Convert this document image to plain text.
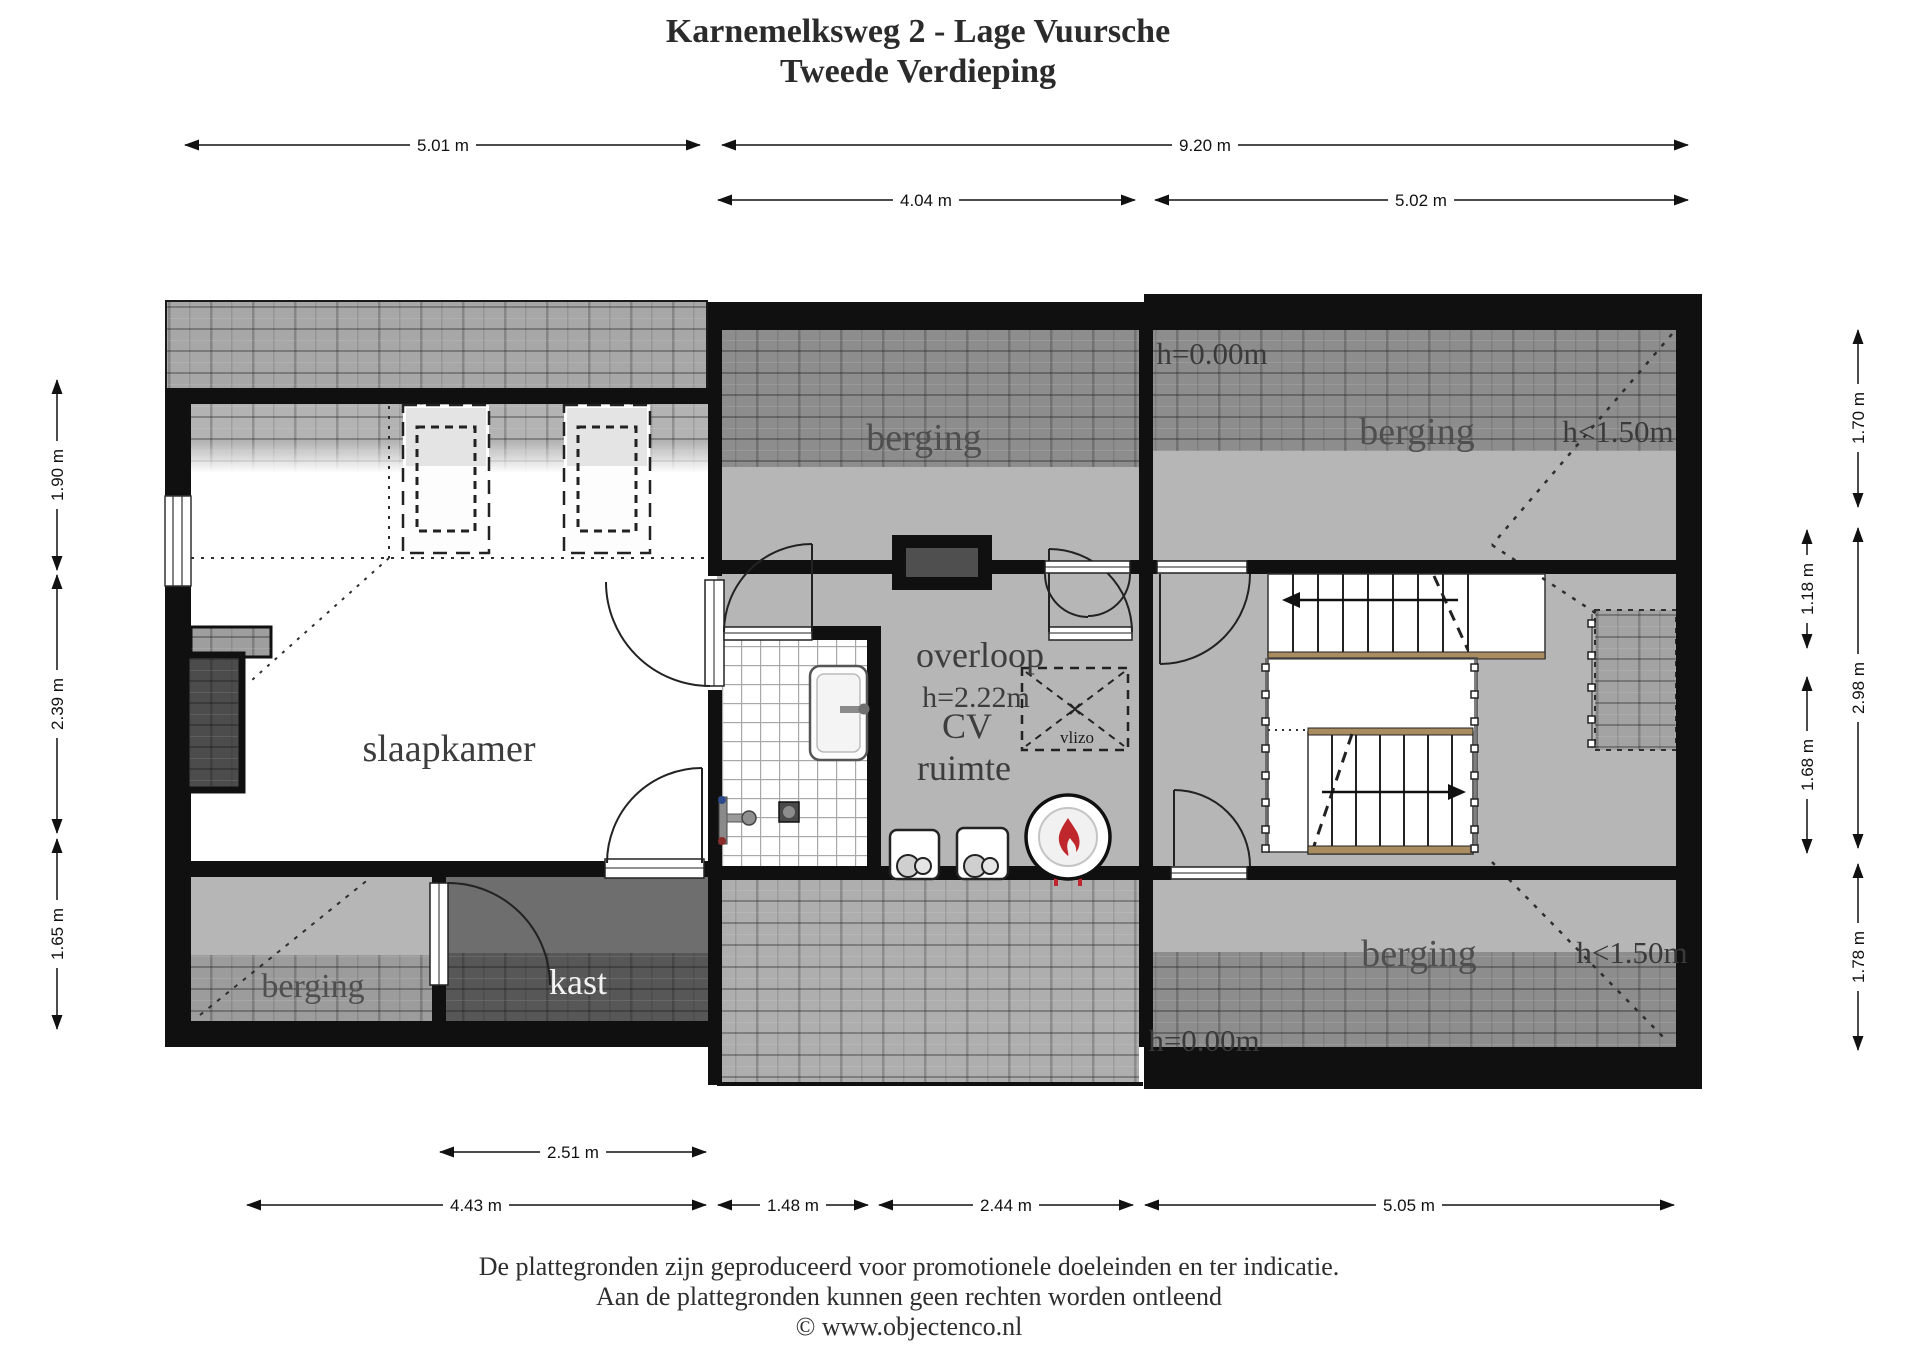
Karnemelksweg 2 - Lage Vuursche
Tweede Verdieping
slaapkamer
berging	berging
h=0.00m
h<1.50m
overloop
h=2.22m
CV
ruimte
vlizo
berging	h<1.50m
h=0.00m
berging	kast
5.01 m	9.20 m
4.04 m	5.02 m
2.51 m
4.43 m	1.48 m	2.44 m	5.05 m
1.90 m
2.39 m
1.65 m
1.18 m
1.68 m
1.70 m
2.98 m
1.78 m
De plattegronden zijn geproduceerd voor promotionele doeleinden en ter indicatie.
Aan de plattegronden kunnen geen rechten worden ontleend
© www.objectenco.nl
